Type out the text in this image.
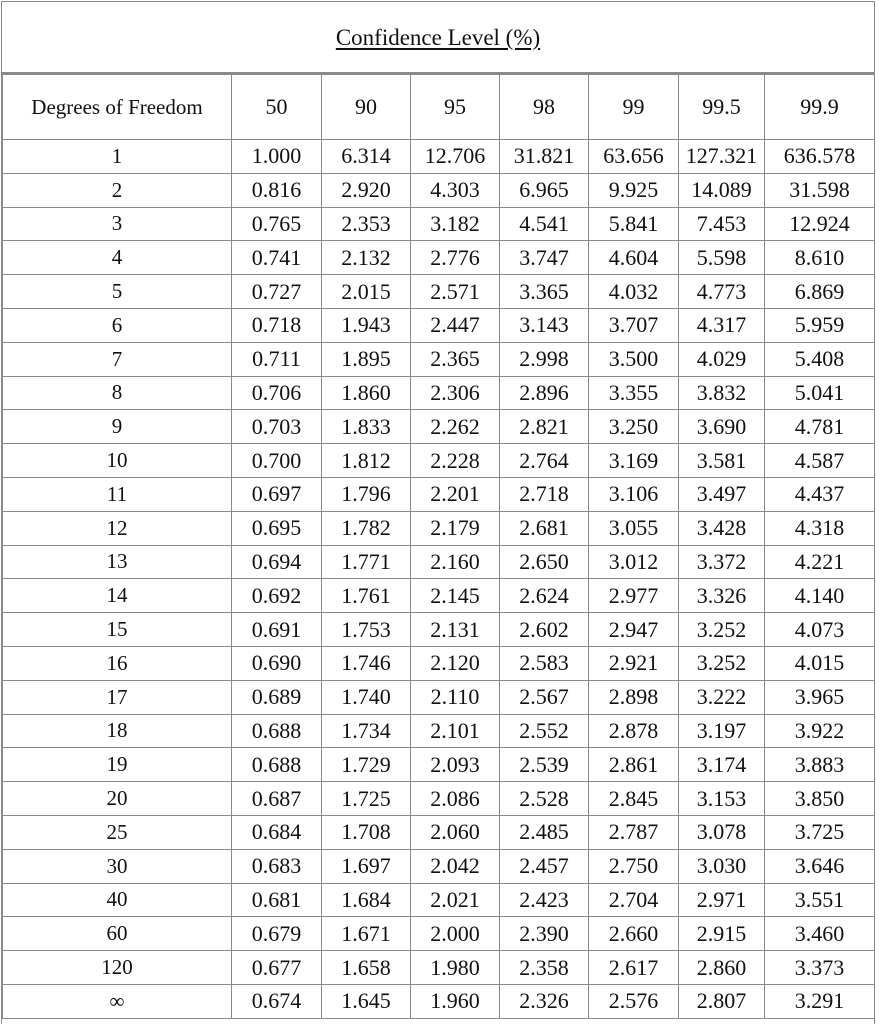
Confidence Level (%)
Degrees of Freedom	50	90	95	98	99	99.5	99.9
1	1.000	6.314	12.706	31.821	63.656	127.321	636.578
2	0.816	2.920	4.303	6.965	9.925	14.089	31.598
3	0.765	2.353	3.182	4.541	5.841	7.453	12.924
4	0.741	2.132	2.776	3.747	4.604	5.598	8.610
5	0.727	2.015	2.571	3.365	4.032	4.773	6.869
6	0.718	1.943	2.447	3.143	3.707	4.317	5.959
7	0.711	1.895	2.365	2.998	3.500	4.029	5.408
8	0.706	1.860	2.306	2.896	3.355	3.832	5.041
9	0.703	1.833	2.262	2.821	3.250	3.690	4.781
10	0.700	1.812	2.228	2.764	3.169	3.581	4.587
11	0.697	1.796	2.201	2.718	3.106	3.497	4.437
12	0.695	1.782	2.179	2.681	3.055	3.428	4.318
13	0.694	1.771	2.160	2.650	3.012	3.372	4.221
14	0.692	1.761	2.145	2.624	2.977	3.326	4.140
15	0.691	1.753	2.131	2.602	2.947	3.252	4.073
16	0.690	1.746	2.120	2.583	2.921	3.252	4.015
17	0.689	1.740	2.110	2.567	2.898	3.222	3.965
18	0.688	1.734	2.101	2.552	2.878	3.197	3.922
19	0.688	1.729	2.093	2.539	2.861	3.174	3.883
20	0.687	1.725	2.086	2.528	2.845	3.153	3.850
25	0.684	1.708	2.060	2.485	2.787	3.078	3.725
30	0.683	1.697	2.042	2.457	2.750	3.030	3.646
40	0.681	1.684	2.021	2.423	2.704	2.971	3.551
60	0.679	1.671	2.000	2.390	2.660	2.915	3.460
120	0.677	1.658	1.980	2.358	2.617	2.860	3.373
∞	0.674	1.645	1.960	2.326	2.576	2.807	3.291
